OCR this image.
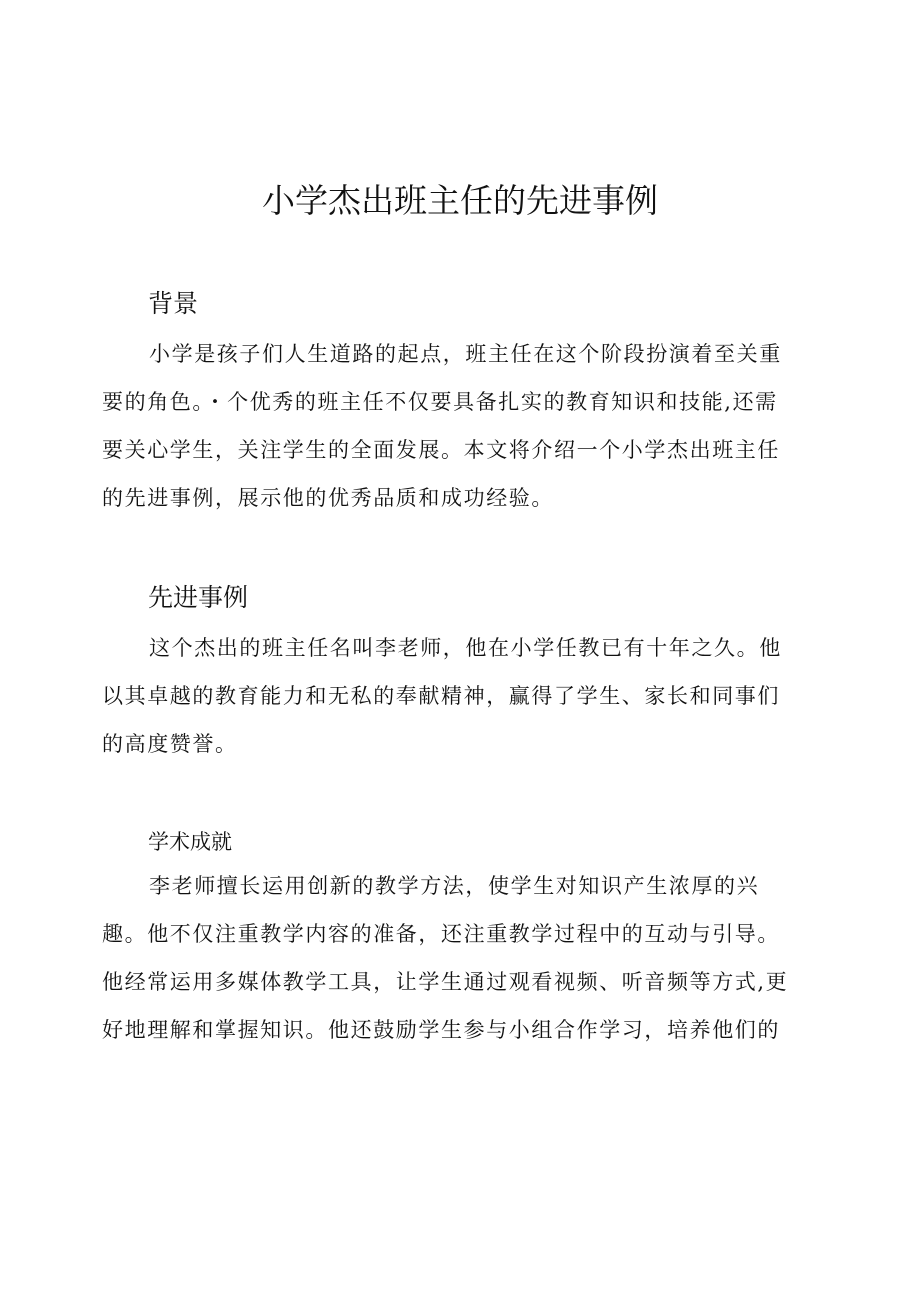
小学杰出班主任的先进事例
背景
小学是孩子们人生道路的起点，班主任在这个阶段扮演着至关重
要的角色。・个优秀的班主任不仅要具备扎实的教育知识和技能,还需
要关心学生，关注学生的全面发展。本文将介绍一个小学杰出班主任
的先进事例，展示他的优秀品质和成功经验。
先进事例
这个杰出的班主任名叫李老师，他在小学任教已有十年之久。他
以其卓越的教育能力和无私的奉献精神，赢得了学生、家长和同事们
的高度赞誉。
学术成就
李老师擅长运用创新的教学方法，使学生对知识产生浓厚的兴
趣。他不仅注重教学内容的准备，还注重教学过程中的互动与引导。
他经常运用多媒体教学工具，让学生通过观看视频、听音频等方式,更
好地理解和掌握知识。他还鼓励学生参与小组合作学习，培养他们的
